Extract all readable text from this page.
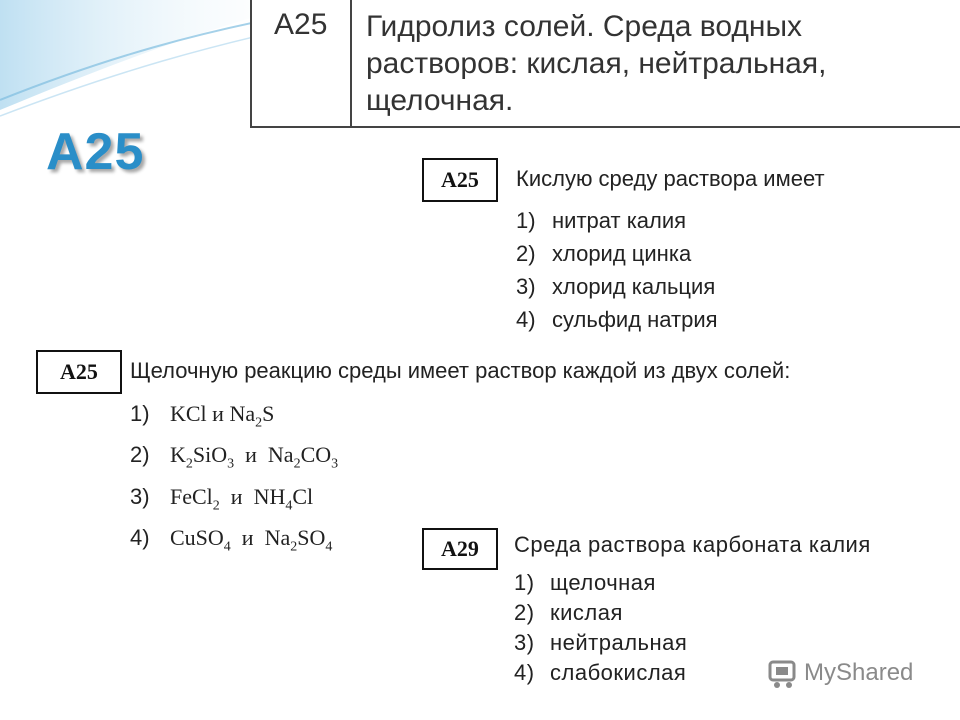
А25	Гидролиз солей. Среда водных растворов: кислая, нейтральная, щелочная.
А25	А25	Кислую среду раствора имеет
1) нитрат калия
2) хлорид цинка
3) хлорид кальция
4) сульфид натрия
А25	Щелочную реакцию среды имеет раствор каждой из двух солей:
1) KCl и $Na_2S$
2) $K_2SiO_3$  и  $Na_2CO_3$
3) FeCl$_2$  и  $NH_4Cl$
4) CuSO$_4$  и  $Na_2SO_4$	А29	Среда раствора карбоната калия
1) щелочная
2) кислая
3) нейтральная
4) слабокислая	MyShared
